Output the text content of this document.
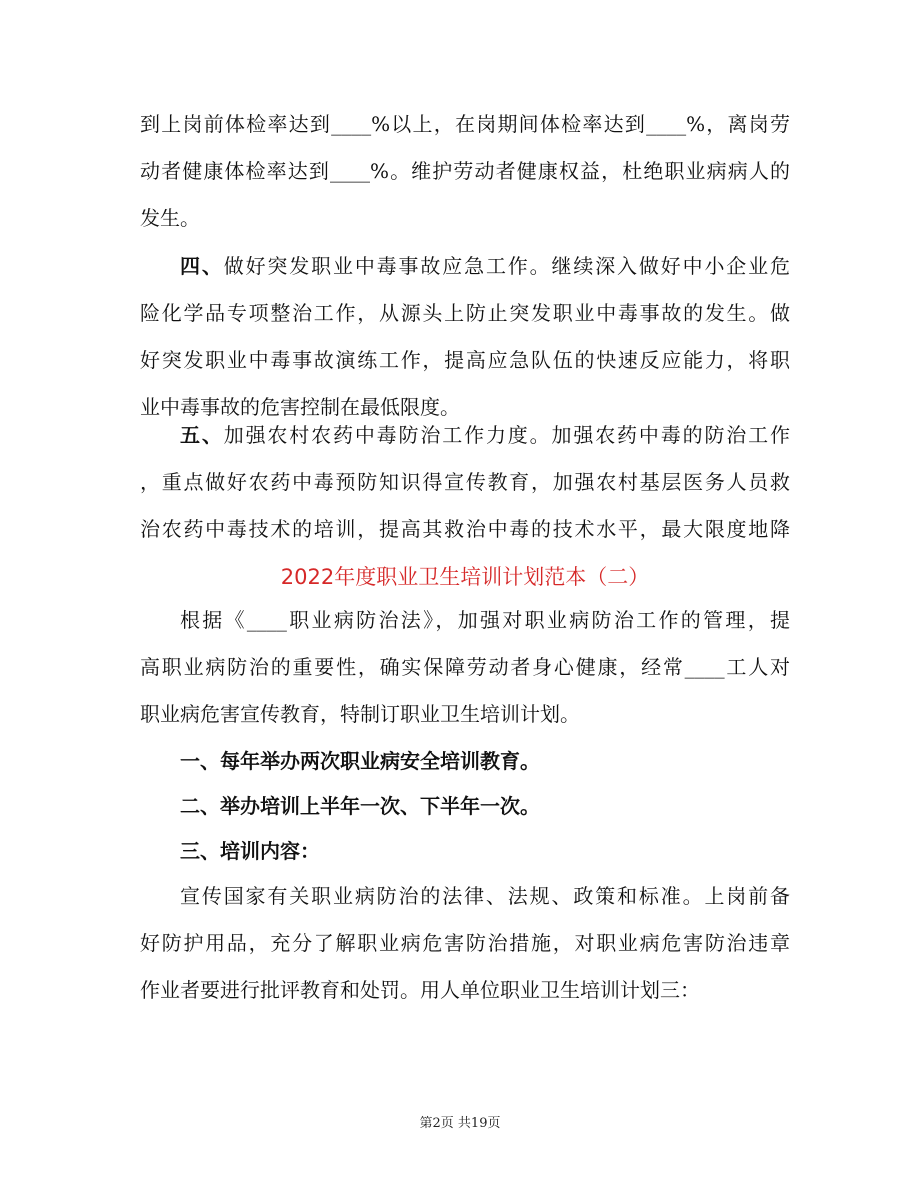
到上岗前体检率达到____%以上，在岗期间体检率达到____%，离岗劳
动者健康体检率达到____%。维护劳动者健康权益，杜绝职业病病人的
发生。
四、做好突发职业中毒事故应急工作。继续深入做好中小企业危
险化学品专项整治工作，从源头上防止突发职业中毒事故的发生。做
好突发职业中毒事故演练工作，提高应急队伍的快速反应能力，将职
业中毒事故的危害控制在最低限度。
五、加强农村农药中毒防治工作力度。加强农药中毒的防治工作
，重点做好农药中毒预防知识得宣传教育，加强农村基层医务人员救
治农药中毒技术的培训，提高其救治中毒的技术水平，最大限度地降
2022年度职业卫生培训计划范本（二）
根据《____职业病防治法》，加强对职业病防治工作的管理，提
高职业病防治的重要性，确实保障劳动者身心健康，经常____工人对
职业病危害宣传教育，特制订职业卫生培训计划。
一、每年举办两次职业病安全培训教育。
二、举办培训上半年一次、下半年一次。
三、培训内容：
宣传国家有关职业病防治的法律、法规、政策和标准。上岗前备
好防护用品，充分了解职业病危害防治措施，对职业病危害防治违章
作业者要进行批评教育和处罚。用人单位职业卫生培训计划三：
第2页 共19页
